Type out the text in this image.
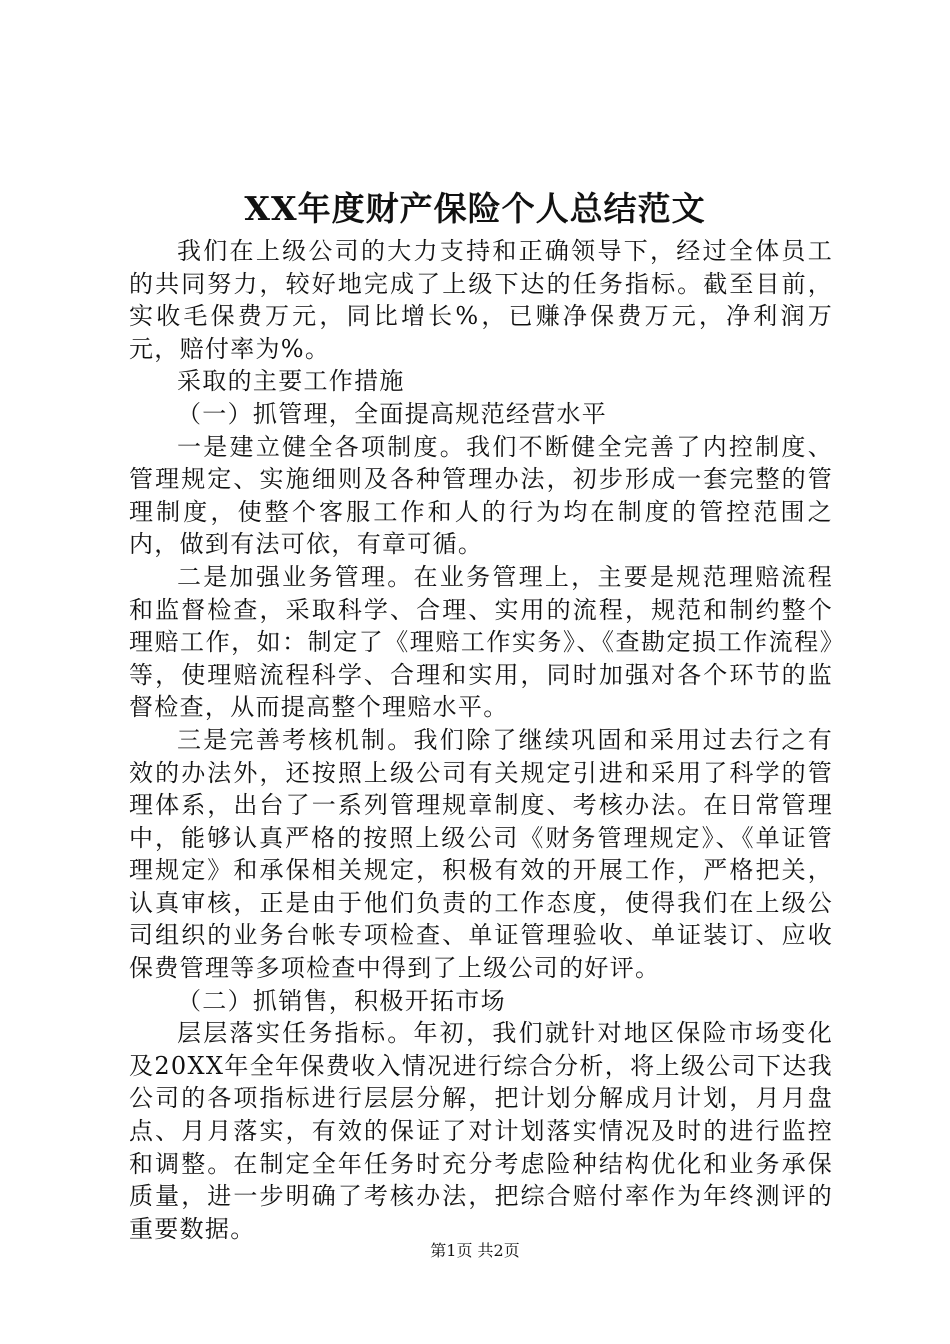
XX年度财产保险个人总结范文

我们在上级公司的大力支持和正确领导下，经过全体员工的共同努力，较好地完成了上级下达的任务指标。截至目前，实收毛保费万元，同比增长%，已赚净保费万元，净利润万元，赔付率为%。

采取的主要工作措施

（一）抓管理，全面提高规范经营水平

一是建立健全各项制度。我们不断健全完善了内控制度、管理规定、实施细则及各种管理办法，初步形成一套完整的管理制度，使整个客服工作和人的行为均在制度的管控范围之内，做到有法可依，有章可循。

二是加强业务管理。在业务管理上，主要是规范理赔流程和监督检查，采取科学、合理、实用的流程，规范和制约整个理赔工作，如：制定了《理赔工作实务》、《查勘定损工作流程》等，使理赔流程科学、合理和实用，同时加强对各个环节的监督检查，从而提高整个理赔水平。

三是完善考核机制。我们除了继续巩固和采用过去行之有效的办法外，还按照上级公司有关规定引进和采用了科学的管理体系，出台了一系列管理规章制度、考核办法。在日常管理中，能够认真严格的按照上级公司《财务管理规定》、《单证管理规定》和承保相关规定，积极有效的开展工作，严格把关，认真审核，正是由于他们负责的工作态度，使得我们在上级公司组织的业务台帐专项检查、单证管理验收、单证装订、应收保费管理等多项检查中得到了上级公司的好评。

（二）抓销售，积极开拓市场

层层落实任务指标。年初，我们就针对地区保险市场变化及20XX年全年保费收入情况进行综合分析，将上级公司下达我公司的各项指标进行层层分解，把计划分解成月计划，月月盘点、月月落实，有效的保证了对计划落实情况及时的进行监控和调整。在制定全年任务时充分考虑险种结构优化和业务承保质量，进一步明确了考核办法，把综合赔付率作为年终测评的重要数据。

第1页 共2页
